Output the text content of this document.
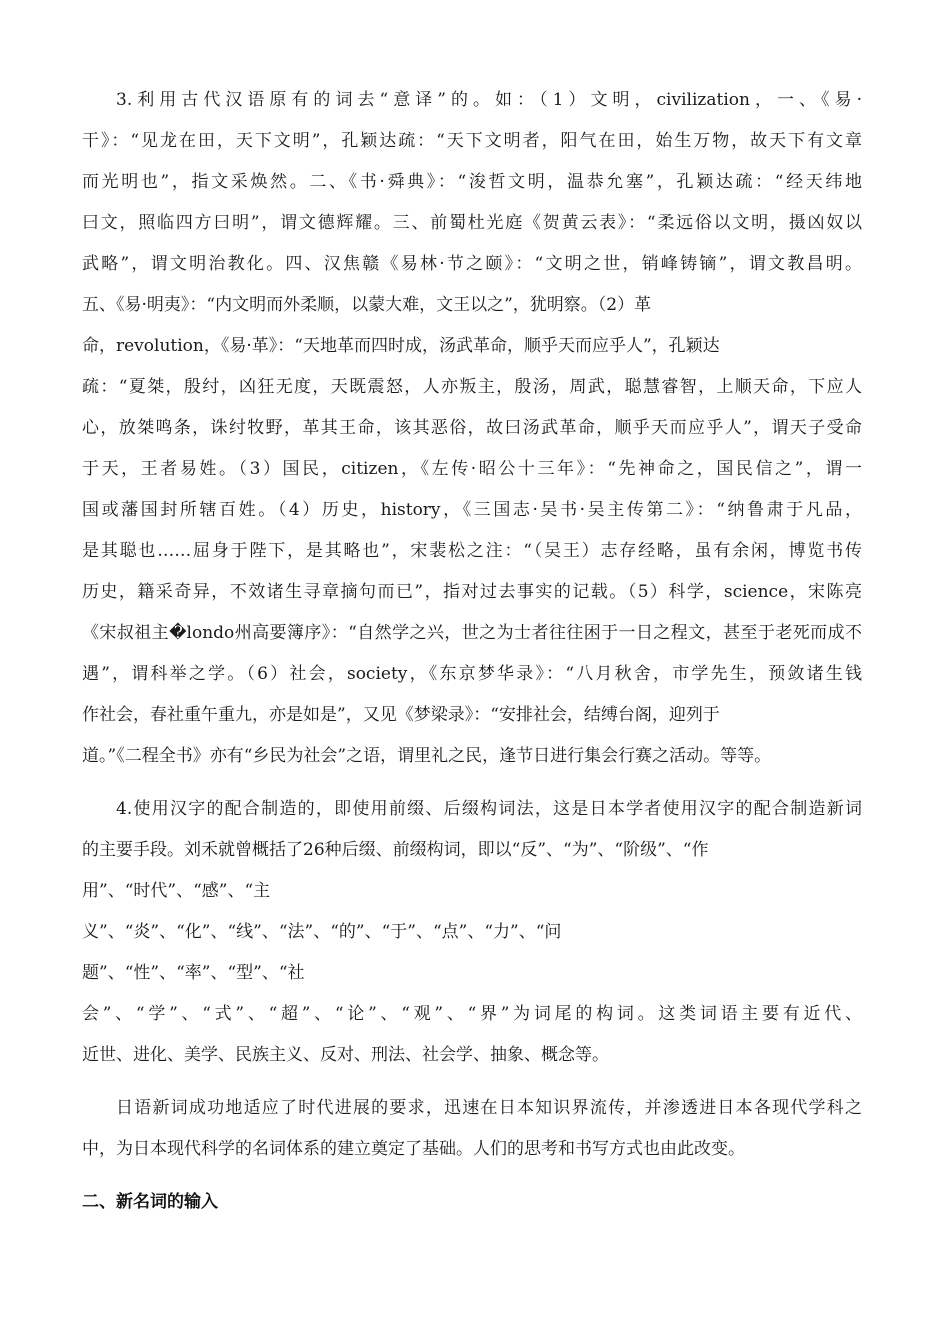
3.利用古代汉语原有的词去“意译”的。如：（1）文明，civilization，一、《易·
干》：“见龙在田，天下文明”，孔颖达疏：“天下文明者，阳气在田，始生万物，故天下有文章
而光明也”，指文采焕然。二、《书·舜典》：“浚哲文明，温恭允塞”，孔颖达疏：“经天纬地
曰文，照临四方曰明”，谓文德辉耀。三、前蜀杜光庭《贺黄云表》：“柔远俗以文明，摄凶奴以
武略”，谓文明治教化。四、汉焦赣《易林·节之颐》：“文明之世，销峰铸镝”，谓文教昌明。
五、《易·明夷》：“内文明而外柔顺，以蒙大难，文王以之”，犹明察。（2）革
命，revolution，《易·革》：“天地革而四时成，汤武革命，顺乎天而应乎人”，孔颖达
疏：“夏桀，殷纣，凶狂无度，天既震怒，人亦叛主，殷汤，周武，聪慧睿智，上顺天命，下应人
心，放桀鸣条，诛纣牧野，革其王命，该其恶俗，故曰汤武革命，顺乎天而应乎人”，谓天子受命
于天，王者易姓。（3）国民，citizen，《左传·昭公十三年》：“先神命之，国民信之”，谓一
国或藩国封所辖百姓。（4）历史，history，《三国志·吴书·吴主传第二》：“纳鲁肃于凡品，
是其聪也……屈身于陛下，是其略也”，宋裴松之注：“（吴王）志存经略，虽有余闲，博览书传
历史，籍采奇异，不效诸生寻章摘句而已”，指对过去事实的记载。（5）科学，science，宋陈亮
《宋叔祖主�londo州高要簿序》：“自然学之兴，世之为士者往往困于一日之程文，甚至于老死而成不
遇”，谓科举之学。（6）社会，society，《东京梦华录》：“八月秋舍，市学先生，预敛诸生钱
作社会，春社重午重九，亦是如是”，又见《梦梁录》：“安排社会，结缚台阁，迎列于
道。”《二程全书》亦有“乡民为社会”之语，谓里礼之民，逢节日进行集会行赛之活动。等等。
4.使用汉字的配合制造的，即使用前缀、后缀构词法，这是日本学者使用汉字的配合制造新词
的主要手段。刘禾就曾概括了26种后缀、前缀构词，即以“反”、“为”、“阶级”、“作
用”、“时代”、“感”、“主
义”、“炎”、“化”、“线”、“法”、“的”、“于”、“点”、“力”、“问
题”、“性”、“率”、“型”、“社
会”、“学”、“式”、“超”、“论”、“观”、“界”为词尾的构词。这类词语主要有近代、
近世、进化、美学、民族主义、反对、刑法、社会学、抽象、概念等。
日语新词成功地适应了时代进展的要求，迅速在日本知识界流传，并渗透进日本各现代学科之
中，为日本现代科学的名词体系的建立奠定了基础。人们的思考和书写方式也由此改变。
二、新名词的输入
